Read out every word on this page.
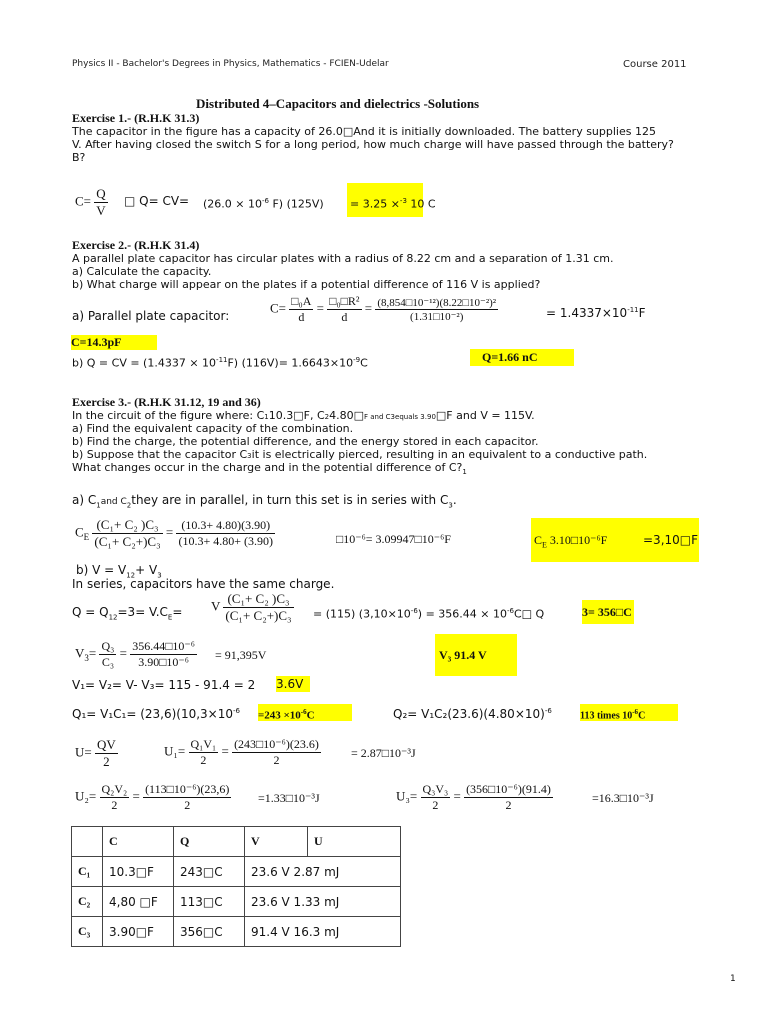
Physics II - Bachelor's Degrees in Physics, Mathematics - FCIEN-Udelar	Course 2011
Distributed 4–Capacitors and dielectrics -Solutions
Exercise 1.- (R.H.K 31.3)
The capacitor in the figure has a capacity of 26.0□And it is initially downloaded. The battery supplies 125
V. After having closed the switch S for a long period, how much charge will have passed through the battery?
B?
$C= \frac{Q}{V}$ □ $Q= CV= (26.0 \times 10^{-6}$ F) (125V) = 3.25 ×$^{-3}$ 10 C
Exercise 2.- (R.H.K 31.4)
A parallel plate capacitor has circular plates with a radius of 8.22 cm and a separation of 1.31 cm.
a) Calculate the capacity.
b) What charge will appear on the plates if a potential difference of 116 V is applied?
a) Parallel plate capacitor:
$C= \frac{\text{□₀A}}{d} = \frac{\text{□₀□R²}}{d} = \frac{\text{(8,854□10⁻¹²)(8.22□10⁻²)²}}{\text{(1.31□10⁻²)}}$	= $1.4337\times 10^{-11}F$
C=14.3pF
b) Q = CV = $(1.4337 \times 10^{-11}F)$ $(116V)= 1.6643\times 10^{-9}C$	Q=1.66 nC
Exercise 3.- (R.H.K 31.12, 19 and 36)
In the circuit of the figure where: C110.3□F, C24.80□F and C3equals 3.90□F and V = 115V.
a) Find the equivalent capacity of the combination.
b) Find the charge, the potential difference, and the energy stored in each capacitor.
b) Suppose that the capacitor C3it is electrically pierced, resulting in an equivalent to a conductive path.
What changes occur in the charge and in the potential difference of $C?_1$
a) $C_1and$ $C_2they$ are in parallel, in turn this set is in series with $C_3$.
$C_E \frac{\text{(C₁+ C₂ )C₃}}{\text{(C₁+ C₂+)C₃}} = \frac{(10.3+ 4.80)(3.90)}{(10.3+ 4.80+ (3.90)}$	□10⁻⁶= 3.09947□10⁻⁶F	$C_E$ 3.10□10⁻⁶F	=3,10□F
b) $V = V_{12}+ V_3$
In series, capacitors have the same charge.
$Q = Q_{12}=3= V.C_E= V \frac{\text{(C₁+ C₂ )C₃}}{\text{(C₁+ C₂+)C₃}} = (115) (3,10\times 10^{-6}) = 356.44$ × $10^{-6}C□$ Q	3= 356□C
$V_3= \frac{\text{Q₃}}{\text{C₃}} = \frac{\text{356.44□10⁻⁶}}{\text{3.90□10⁻⁶}} = 91,395V$	V₃ 91.4 V
V₁= V₂= V- V₃= 115 - 91.4 = 2 3.6V
$Q_1= V_1C_1= (23,6)(10,3\times 10^{-6} =243 \times 10^{-6}C$	$Q_2= V_1C_2(23.6)(4.80\times 10)^{-6}$	113 times $10^{-6}C$
$U= \frac{QV}{2}$	$U_1= \frac{\text{Q₁V₁}}{2} = \frac{\text{(243□10⁻⁶)(23.6)}}{2}$	= 2.87□10⁻³J
$U_2= \frac{\text{Q₂V₂}}{2} = \frac{\text{(113□10⁻⁶)(23,6)}}{2}$ =1.33□10⁻³J	$U_3= \frac{\text{Q₃V₃}}{2} = \frac{\text{(356□10⁻⁶)(91.4)}}{2}$	=16.3□10⁻³J
	C	Q	V	U
C₁	10.3□F	243□C	23.6 V 2.87 mJ	
C₂	4,80 □F	113□C	23.6 V 1.33 mJ	
C₃	3.90□F	356□C	91.4 V 16.3 mJ	
1
